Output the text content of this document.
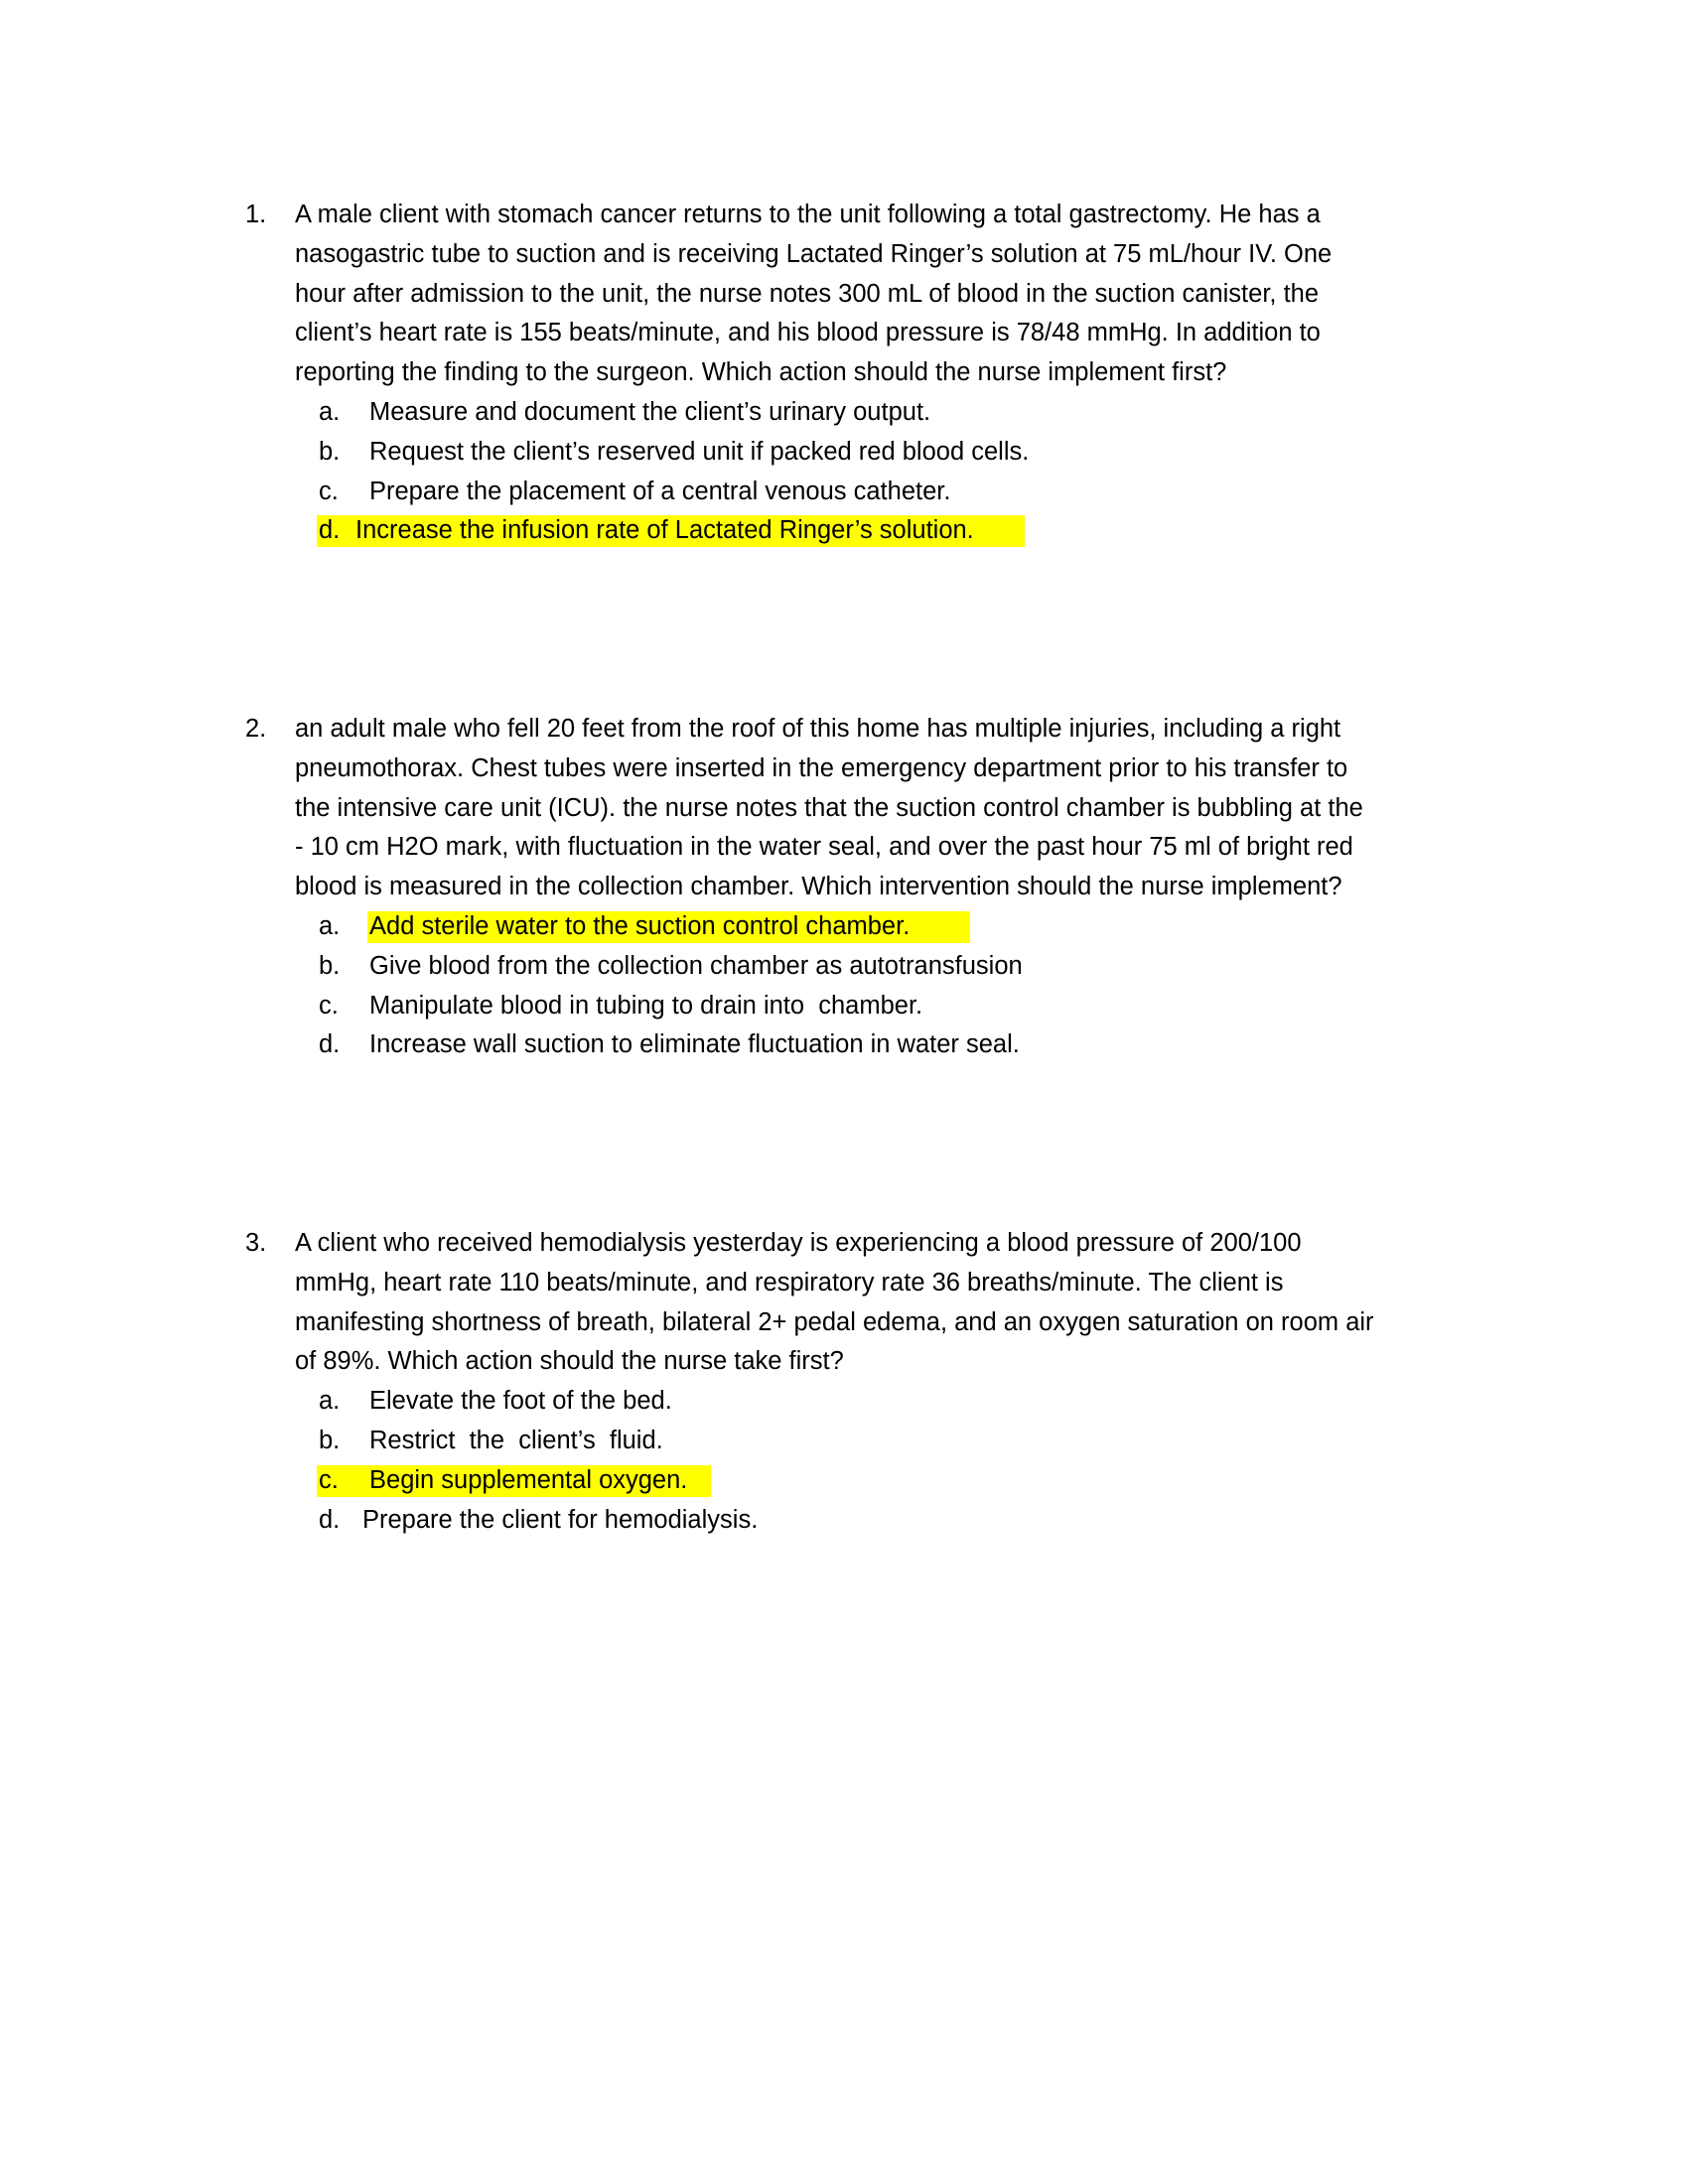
1. A male client with stomach cancer returns to the unit following a total gastrectomy. He has a
nasogastric tube to suction and is receiving Lactated Ringer’s solution at 75 mL/hour IV. One
hour after admission to the unit, the nurse notes 300 mL of blood in the suction canister, the
client’s heart rate is 155 beats/minute, and his blood pressure is 78/48 mmHg. In addition to
reporting the finding to the surgeon. Which action should the nurse implement first?
a. Measure and document the client’s urinary output.
b. Request the client’s reserved unit if packed red blood cells.
c. Prepare the placement of a central venous catheter.
d. Increase the infusion rate of Lactated Ringer’s solution.
2. an adult male who fell 20 feet from the roof of this home has multiple injuries, including a right
pneumothorax. Chest tubes were inserted in the emergency department prior to his transfer to
the intensive care unit (ICU). the nurse notes that the suction control chamber is bubbling at the
- 10 cm H2O mark, with fluctuation in the water seal, and over the past hour 75 ml of bright red
blood is measured in the collection chamber. Which intervention should the nurse implement?
a. Add sterile water to the suction control chamber.
b. Give blood from the collection chamber as autotransfusion
c. Manipulate blood in tubing to drain into  chamber.
d. Increase wall suction to eliminate fluctuation in water seal.
3. A client who received hemodialysis yesterday is experiencing a blood pressure of 200/100
mmHg, heart rate 110 beats/minute, and respiratory rate 36 breaths/minute. The client is
manifesting shortness of breath, bilateral 2+ pedal edema, and an oxygen saturation on room air
of 89%. Which action should the nurse take first?
a. Elevate the foot of the bed.
b. Restrict  the  client’s  fluid.
c. Begin supplemental oxygen.
d. Prepare the client for hemodialysis.
